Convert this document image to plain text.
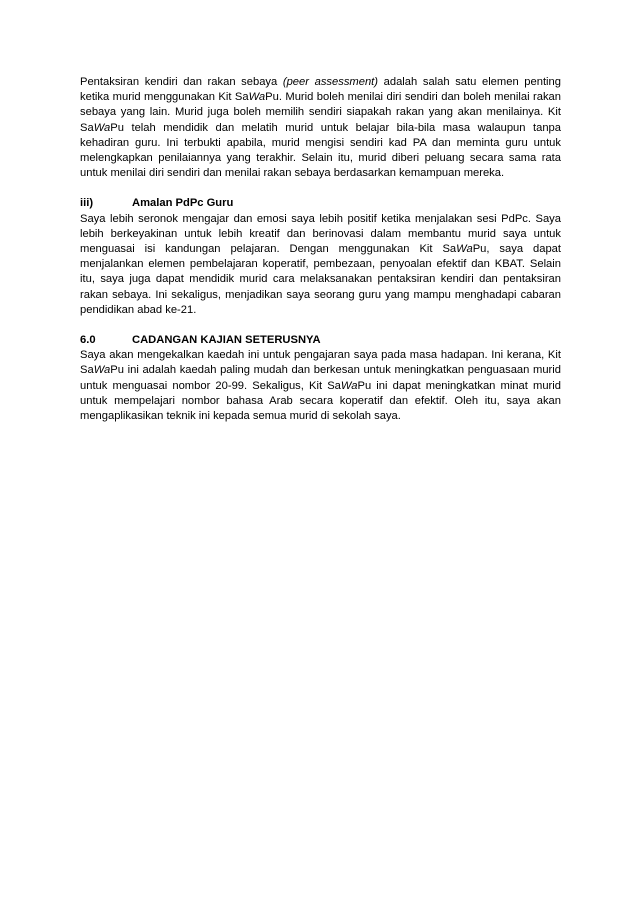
Pentaksiran kendiri dan rakan sebaya (peer assessment) adalah salah satu elemen penting ketika murid menggunakan Kit SaWaPu. Murid boleh menilai diri sendiri dan boleh menilai rakan sebaya yang lain. Murid juga boleh memilih sendiri siapakah rakan yang akan menilainya. Kit SaWaPu telah mendidik dan melatih murid untuk belajar bila-bila masa walaupun tanpa kehadiran guru. Ini terbukti apabila, murid mengisi sendiri kad PA dan meminta guru untuk melengkapkan penilaiannya yang terakhir. Selain itu, murid diberi peluang secara sama rata untuk menilai diri sendiri dan menilai rakan sebaya berdasarkan kemampuan mereka.

iii)	Amalan PdPc Guru

Saya lebih seronok mengajar dan emosi saya lebih positif ketika menjalakan sesi PdPc. Saya lebih berkeyakinan untuk lebih kreatif dan berinovasi dalam membantu murid saya untuk menguasai isi kandungan pelajaran. Dengan menggunakan Kit SaWaPu, saya dapat menjalankan elemen pembelajaran koperatif, pembezaan, penyoalan efektif dan KBAT. Selain itu, saya juga dapat mendidik murid cara melaksanakan pentaksiran kendiri dan pentaksiran rakan sebaya. Ini sekaligus, menjadikan saya seorang guru yang mampu menghadapi cabaran pendidikan abad ke-21.

6.0	CADANGAN KAJIAN SETERUSNYA

Saya akan mengekalkan kaedah ini untuk pengajaran saya pada masa hadapan. Ini kerana, Kit SaWaPu ini adalah kaedah paling mudah dan berkesan untuk meningkatkan penguasaan murid untuk menguasai nombor 20-99. Sekaligus, Kit SaWaPu ini dapat meningkatkan minat murid untuk mempelajari nombor bahasa Arab secara koperatif dan efektif. Oleh itu, saya akan mengaplikasikan teknik ini kepada semua murid di sekolah saya.
